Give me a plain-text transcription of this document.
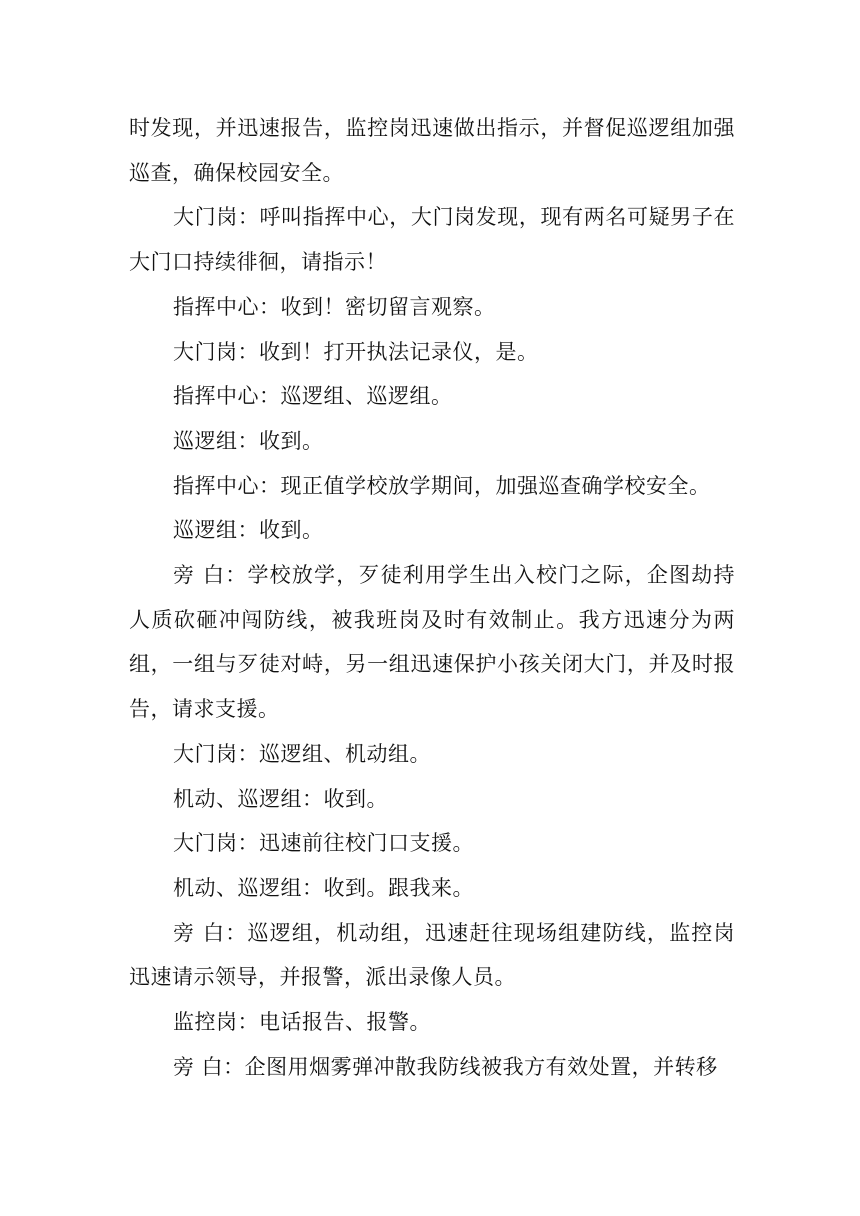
时发现，并迅速报告，监控岗迅速做出指示，并督促巡逻组加强巡查，确保校园安全。

大门岗：呼叫指挥中心，大门岗发现，现有两名可疑男子在大门口持续徘徊，请指示！

指挥中心：收到！密切留言观察。

大门岗：收到！打开执法记录仪，是。

指挥中心：巡逻组、巡逻组。

巡逻组：收到。

指挥中心：现正值学校放学期间，加强巡查确学校安全。

巡逻组：收到。

旁 白：学校放学，歹徒利用学生出入校门之际，企图劫持人质砍砸冲闯防线，被我班岗及时有效制止。我方迅速分为两组，一组与歹徒对峙，另一组迅速保护小孩关闭大门，并及时报告，请求支援。

大门岗：巡逻组、机动组。

机动、巡逻组：收到。

大门岗：迅速前往校门口支援。

机动、巡逻组：收到。跟我来。

旁 白：巡逻组，机动组，迅速赶往现场组建防线，监控岗迅速请示领导，并报警，派出录像人员。

监控岗：电话报告、报警。

旁 白：企图用烟雾弹冲散我防线被我方有效处置，并转移
